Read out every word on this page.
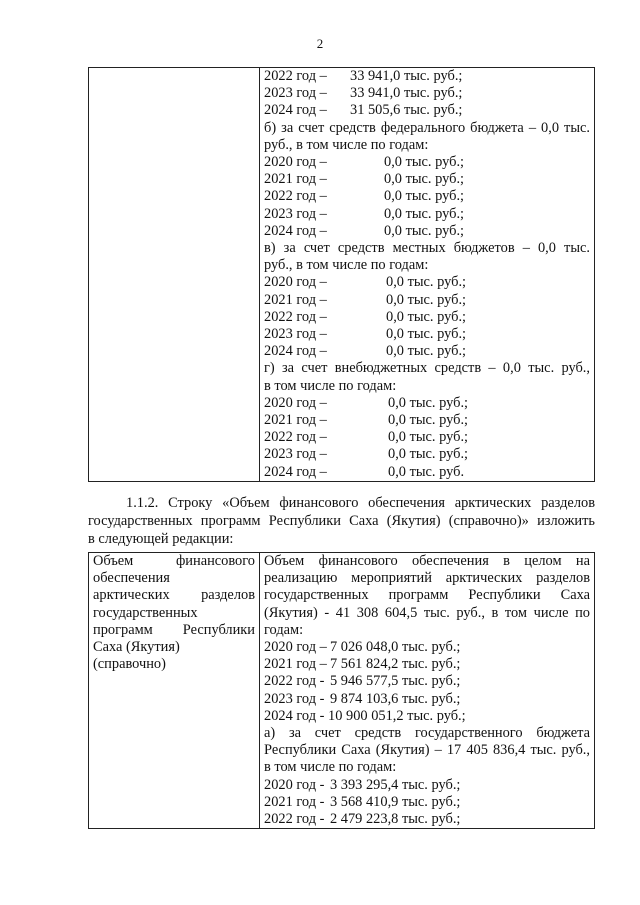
2

2022 год – 33 941,0 тыс. руб.;
2023 год – 33 941,0 тыс. руб.;
2024 год – 31 505,6 тыс. руб.;
б) за счет средств федерального бюджета – 0,0 тыс.
руб., в том числе по годам:
2020 год –	0,0 тыс. руб.;
2021 год –	0,0 тыс. руб.;
2022 год –	0,0 тыс. руб.;
2023 год –	0,0 тыс. руб.;
2024 год –	0,0 тыс. руб.;
в) за счет средств местных бюджетов – 0,0 тыс.
руб., в том числе по годам:
2020 год –	0,0 тыс. руб.;
2021 год –	0,0 тыс. руб.;
2022 год –	0,0 тыс. руб.;
2023 год –	0,0 тыс. руб.;
2024 год –	0,0 тыс. руб.;
г) за счет внебюджетных средств – 0,0 тыс. руб.,
в том числе по годам:
2020 год –	0,0 тыс. руб.;
2021 год –	0,0 тыс. руб.;
2022 год –	0,0 тыс. руб.;
2023 год –	0,0 тыс. руб.;
2024 год –	0,0 тыс. руб.
1.1.2. Строку «Объем финансового обеспечения арктических разделов
государственных программ Республики Саха (Якутия) (справочно)» изложить
в следующей редакции:
Объем финансового
обеспечения
арктических разделов
государственных
программ Республики
Саха (Якутия)
(справочно)

Объем финансового обеспечения в целом на
реализацию мероприятий арктических разделов
государственных программ Республики Саха
(Якутия) - 41 308 604,5 тыс. руб., в том числе по
годам:
2020 год – 7 026 048,0 тыс. руб.;
2021 год – 7 561 824,2 тыс. руб.;
2022 год - 5 946 577,5 тыс. руб.;
2023 год - 9 874 103,6 тыс. руб.;
2024 год - 10 900 051,2 тыс. руб.;
а) за счет средств государственного бюджета
Республики Саха (Якутия) – 17 405 836,4 тыс. руб.,
в том числе по годам:
2020 год - 3 393 295,4 тыс. руб.;
2021 год - 3 568 410,9 тыс. руб.;
2022 год - 2 479 223,8 тыс. руб.;
